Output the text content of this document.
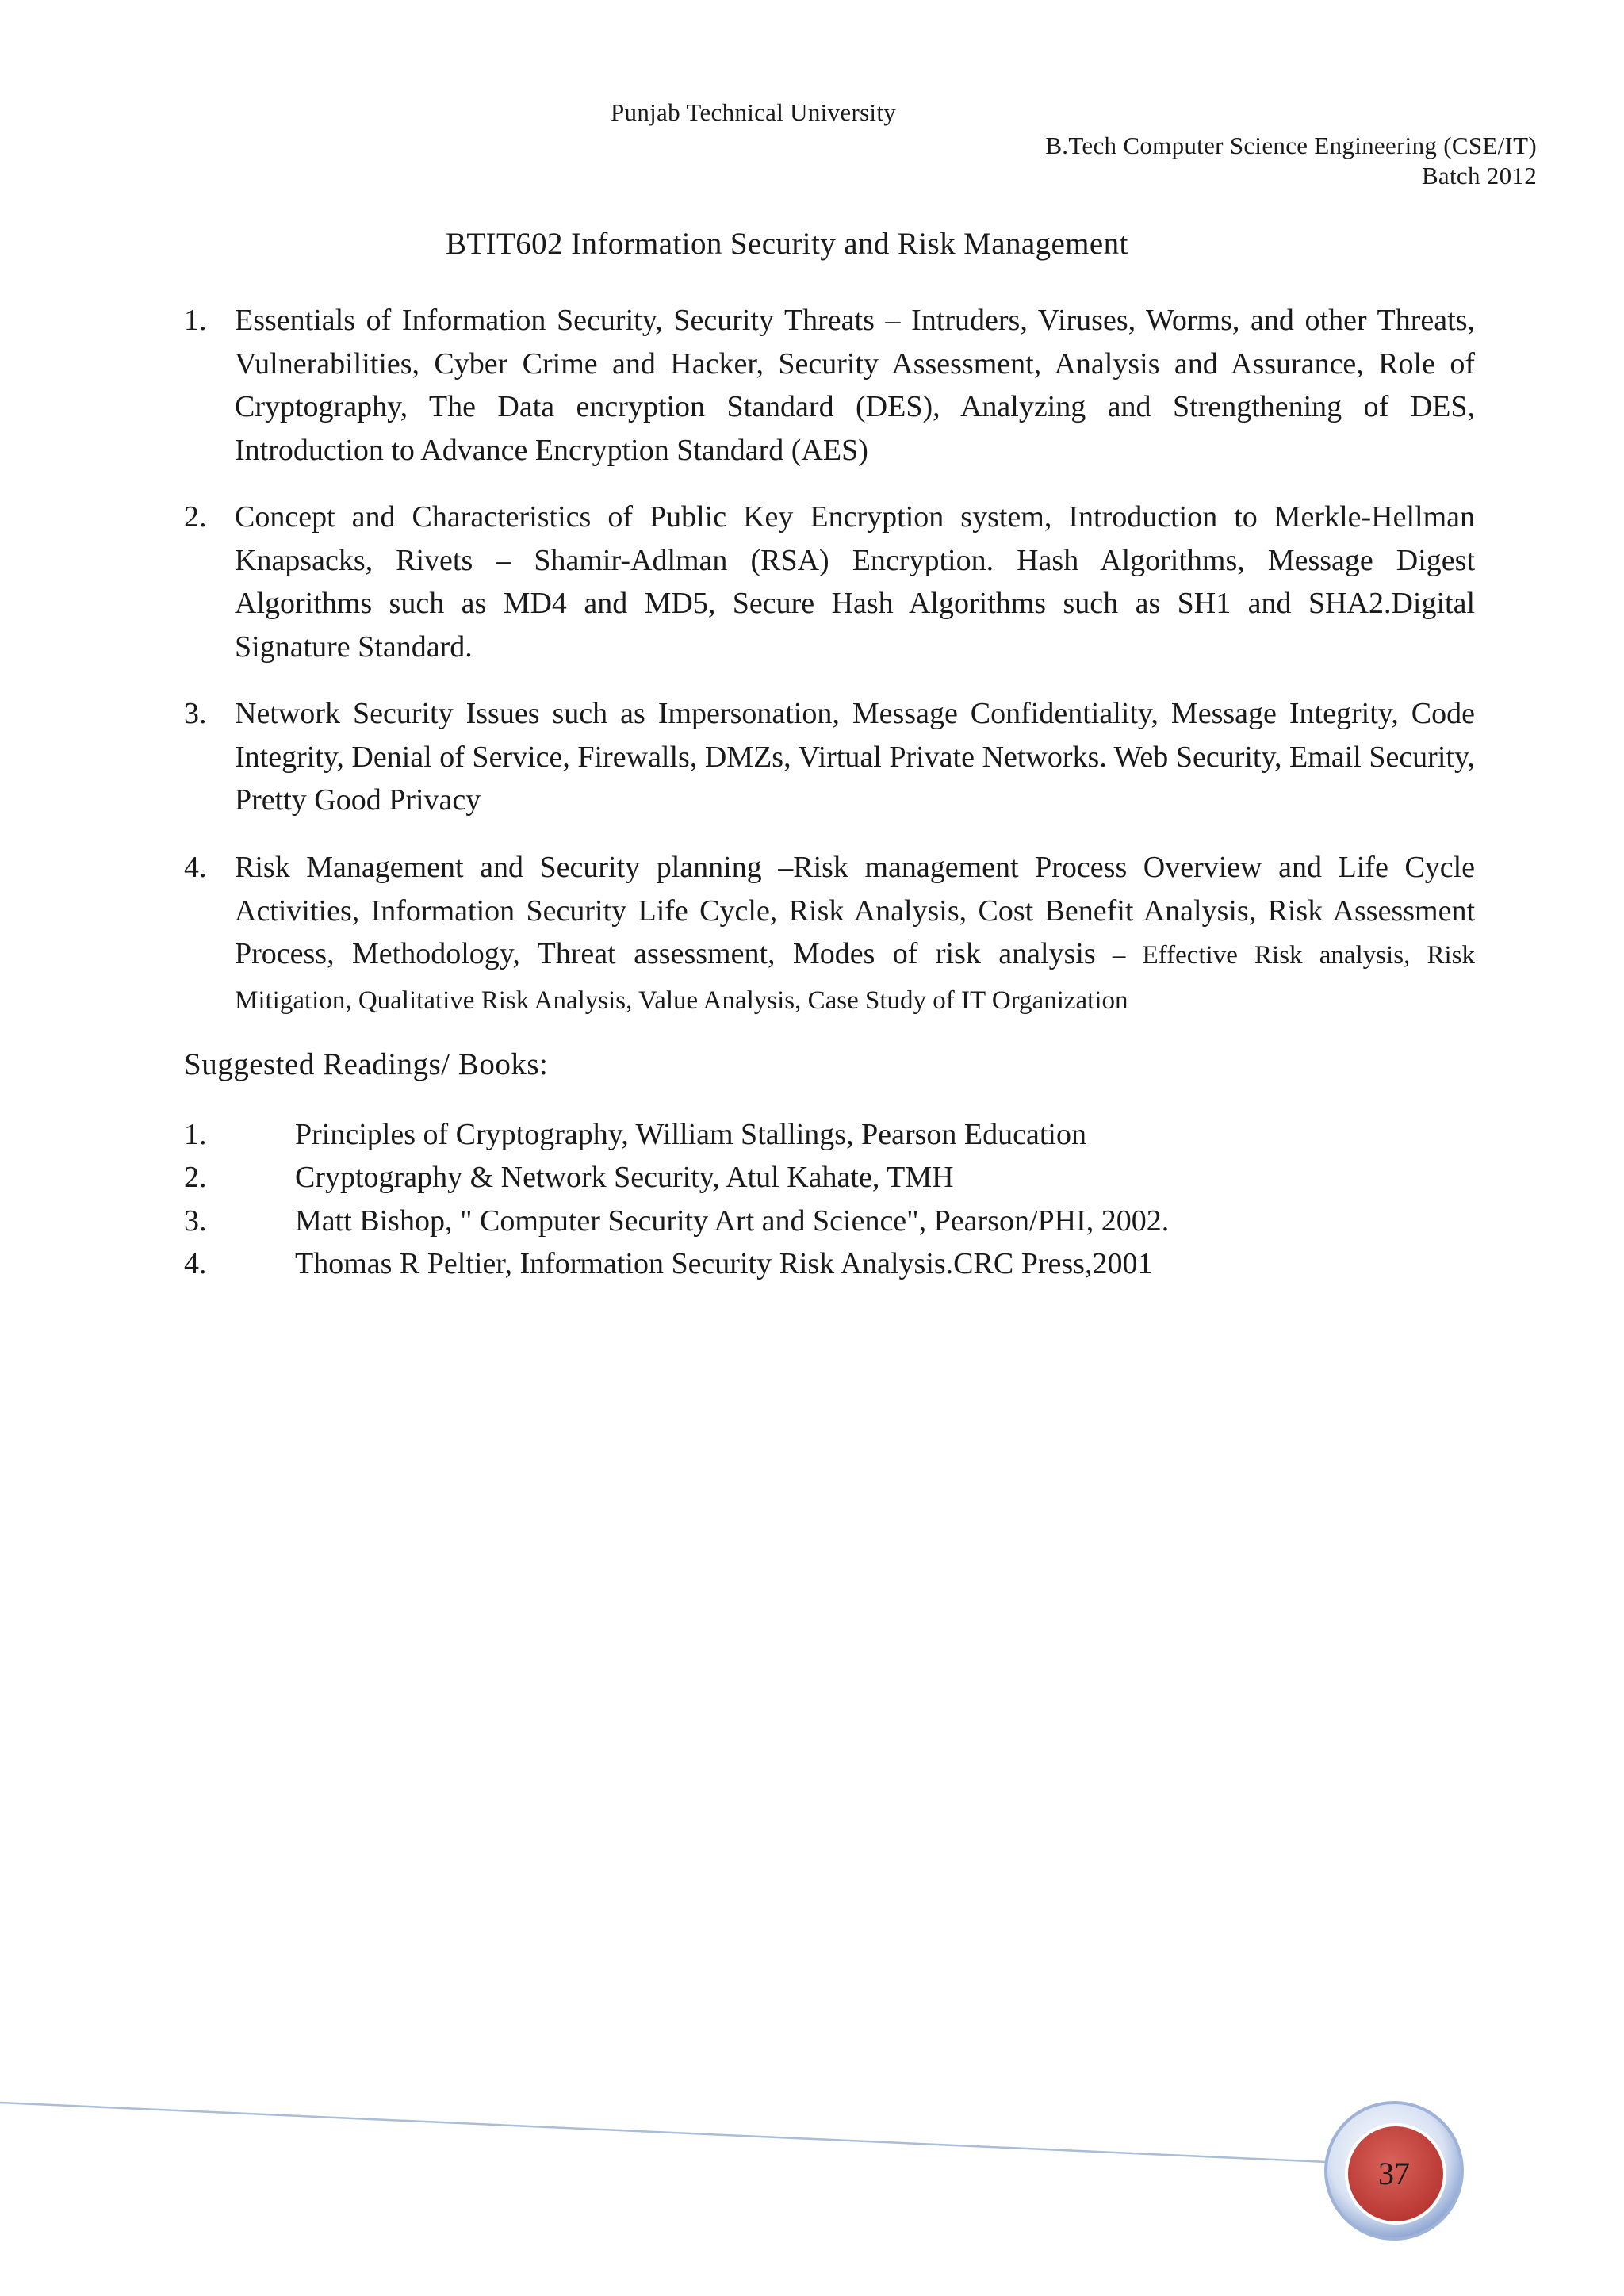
Punjab Technical University
B.Tech Computer Science Engineering (CSE/IT)
Batch 2012
BTIT602 Information Security and Risk Management
1. Essentials of Information Security, Security Threats – Intruders, Viruses, Worms, and other Threats, Vulnerabilities, Cyber Crime and Hacker, Security Assessment, Analysis and Assurance, Role of Cryptography, The Data encryption Standard (DES), Analyzing and Strengthening of DES, Introduction to Advance Encryption Standard (AES)
2. Concept and Characteristics of Public Key Encryption system, Introduction to Merkle-Hellman Knapsacks, Rivets – Shamir-Adlman (RSA) Encryption. Hash Algorithms, Message Digest Algorithms such as MD4 and MD5, Secure Hash Algorithms such as SH1 and SHA2.Digital Signature Standard.
3. Network Security Issues such as Impersonation, Message Confidentiality, Message Integrity, Code Integrity, Denial of Service, Firewalls, DMZs, Virtual Private Networks. Web Security, Email Security, Pretty Good Privacy
4. Risk Management and Security planning –Risk management Process Overview and Life Cycle Activities, Information Security Life Cycle, Risk Analysis, Cost Benefit Analysis, Risk Assessment Process, Methodology, Threat assessment, Modes of risk analysis – Effective Risk analysis, Risk Mitigation, Qualitative Risk Analysis, Value Analysis, Case Study of IT Organization
Suggested Readings/ Books:
1.	Principles of Cryptography, William Stallings, Pearson Education
2.	Cryptography & Network Security, Atul Kahate, TMH
3.	Matt Bishop, " Computer Security Art and Science", Pearson/PHI, 2002.
4.	Thomas R Peltier, Information Security Risk Analysis.CRC Press,2001
37
